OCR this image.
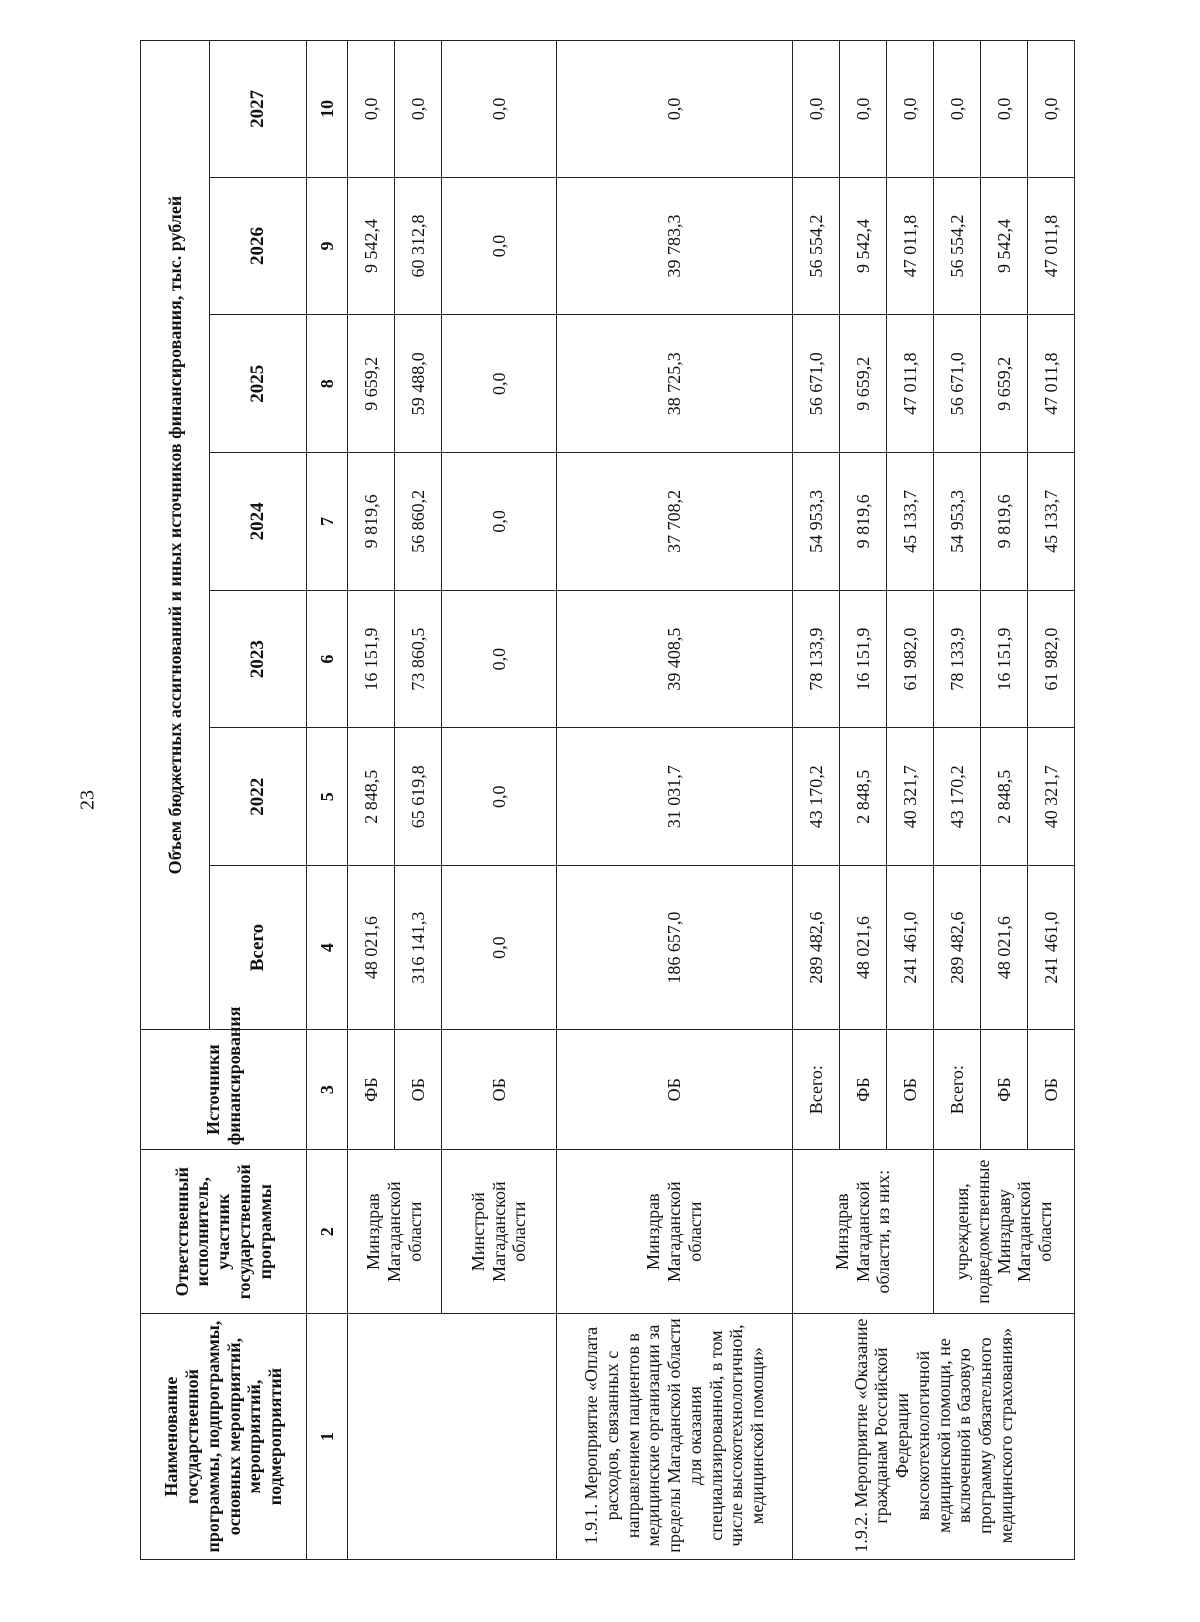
23
Наименование государственной программы, подпрограммы, основных мероприятий, мероприятий, подмероприятий	Ответственный исполнитель, участник государственной программы	Источники финансирования	Объем бюджетных ассигнований и иных источников финансирования, тыс. рублей						
			Всего	2022	2023	2024	2025	2026	2027
1	2	3	4	5	6	7	8	9	10
	Минздрав Магаданской области	ФБ	48 021,6	2 848,5	16 151,9	9 819,6	9 659,2	9 542,4	0,0
		ОБ	316 141,3	65 619,8	73 860,5	56 860,2	59 488,0	60 312,8	0,0
	Минстрой Магаданской области	ОБ	0,0	0,0	0,0	0,0	0,0	0,0	0,0
1.9.1. Мероприятие «Оплата расходов, связанных с направлением пациентов в медицинские организации за пределы Магаданской области для оказания специализированной, в том числе высокотехнологичной, медицинской помощи»	Минздрав Магаданской области	ОБ	186 657,0	31 031,7	39 408,5	37 708,2	38 725,3	39 783,3	0,0
1.9.2. Мероприятие «Оказание гражданам Российской Федерации высокотехнологичной медицинской помощи, не включенной в базовую программу обязательного медицинского страхования»	Минздрав Магаданской области, из них:	Всего:	289 482,6	43 170,2	78 133,9	54 953,3	56 671,0	56 554,2	0,0
		ФБ	48 021,6	2 848,5	16 151,9	9 819,6	9 659,2	9 542,4	0,0
		ОБ	241 461,0	40 321,7	61 982,0	45 133,7	47 011,8	47 011,8	0,0
	учреждения, подведомственные Минздраву Магаданской области	Всего:	289 482,6	43 170,2	78 133,9	54 953,3	56 671,0	56 554,2	0,0
		ФБ	48 021,6	2 848,5	16 151,9	9 819,6	9 659,2	9 542,4	0,0
		ОБ	241 461,0	40 321,7	61 982,0	45 133,7	47 011,8	47 011,8	0,0
